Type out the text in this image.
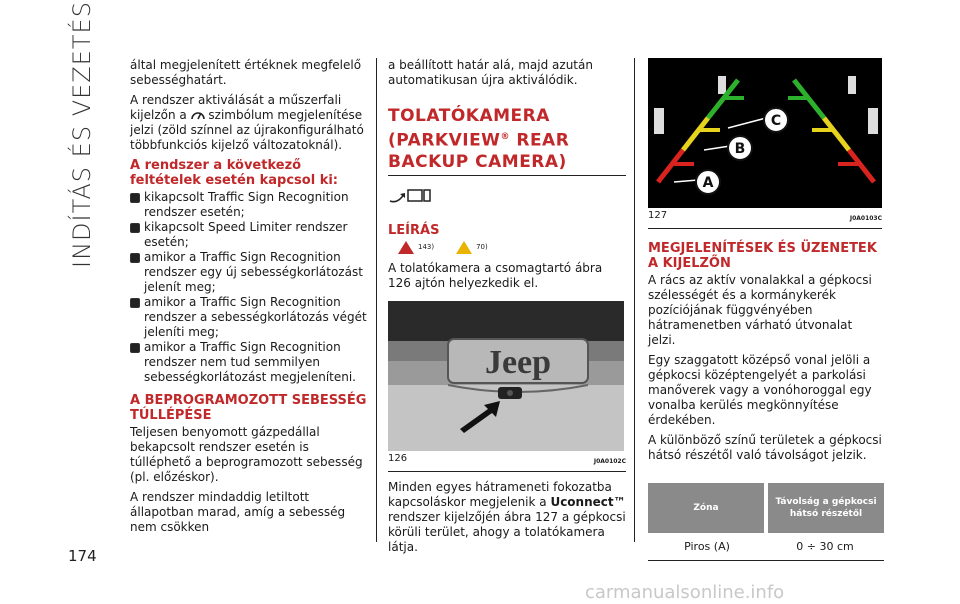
INDÍTÁS ÉS VEZETÉS
174

által megjelenített értéknek megfelelő sebességhatárt.

A rendszer aktiválását a műszerfali kijelzőn a szimbólum megjelenítése jelzi (zöld színnel az újrakonfigurálható többfunkciós kijelző változatoknál).

A rendszer a következő feltételek esetén kapcsol ki:
kikapcsolt Traffic Sign Recognition rendszer esetén;
kikapcsolt Speed Limiter rendszer esetén;
amikor a Traffic Sign Recognition rendszer egy új sebességkorlátozást jelenít meg;
amikor a Traffic Sign Recognition rendszer a sebességkorlátozás végét jeleníti meg;
amikor a Traffic Sign Recognition rendszer nem tud semmilyen sebességkorlátozást megjeleníteni.
A BEPROGRAMOZOTT SEBESSÉG TÚLLÉPÉSE

Teljesen benyomott gázpedállal bekapcsolt rendszer esetén is túlléphető a beprogramozott sebesség (pl. előzéskor).

A rendszer mindaddig letiltott állapotban marad, amíg a sebesség nem csökken

a beállított határ alá, majd azután automatikusan újra aktiválódik.

TOLATÓKAMERA
(PARKVIEW® REAR
BACKUP CAMERA)
LEÍRÁS
143)	70)

A tolatókamera a csomagtartó ábra 126 ajtón helyezkedik el.

Jeep
126	J0A0102C

Minden egyes hátrameneti fokozatba kapcsoláskor megjelenik a Uconnect™ rendszer kijelzőjén ábra 127 a gépkocsi körüli terület, ahogy a tolatókamera látja.

C
B
A
127	J0A0103C
MEGJELENÍTÉSEK ÉS ÜZENETEK A KIJELZŐN

A rács az aktív vonalakkal a gépkocsi szélességét és a kormánykerék pozíciójának függvényében hátramenetben várható útvonalat jelzi.

Egy szaggatott középső vonal jelöli a gépkocsi középtengelyét a parkolási manőverek vagy a vonóhoroggal egy vonalba kerülés megkönnyítése érdekében.

A különböző színű területek a gépkocsi hátsó részétől való távolságot jelzik.

Zóna	Távolság a gépkocsi hátsó részétől
Piros (A)	0 ÷ 30 cm
carmanualsonline.info
